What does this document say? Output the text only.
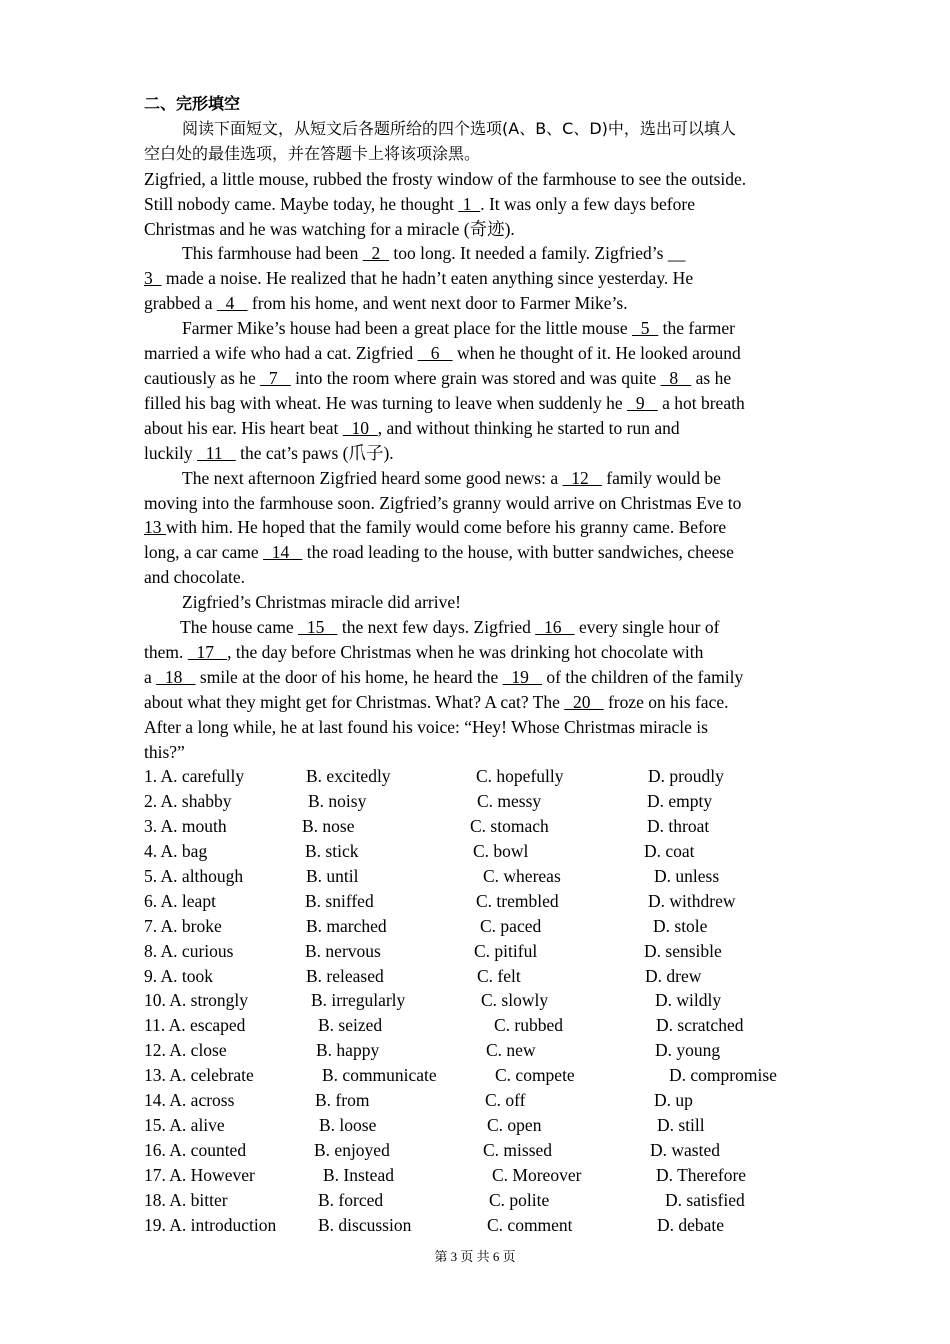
二、完形填空
阅读下面短文，从短文后各题所给的四个选项(A、B、C、D)中，选出可以填人
空白处的最佳选项，并在答题卡上将该项涂黑。
Zigfried, a little mouse, rubbed the frosty window of the farmhouse to see the outside.
Still nobody came. Maybe today, he thought  1  . It was only a few days before
Christmas and he was watching for a miracle (奇迹).
This farmhouse had been   2   too long. It needed a family. Zigfried’s __
3   made a noise. He realized that he hadn’t eaten anything since yesterday. He
grabbed a   4    from his home, and went next door to Farmer Mike’s.
Farmer Mike’s house had been a great place for the little mouse   5   the farmer
married a wife who had a cat. Zigfried    6    when he thought of it. He looked around
cautiously as he   7    into the room where grain was stored and was quite   8    as he
filled his bag with wheat. He was turning to leave when suddenly he   9    a hot breath
about his ear. His heart beat   10  , and without thinking he started to run and
luckily   11    the cat’s paws (爪子).
The next afternoon Zigfried heard some good news: a   12    family would be
moving into the farmhouse soon. Zigfried’s granny would arrive on Christmas Eve to
13 with him. He hoped that the family would come before his granny came. Before
long, a car came   14    the road leading to the house, with butter sandwiches, cheese
and chocolate.
Zigfried’s Christmas miracle did arrive!
The house came   15    the next few days. Zigfried   16    every single hour of
them.   17   , the day before Christmas when he was drinking hot chocolate with
a   18    smile at the door of his home, he heard the   19    of the children of the family
about what they might get for Christmas. What? A cat? The   20    froze on his face.
After a long while, he at last found his voice: “Hey! Whose Christmas miracle is
this?”
1. A. carefully	B. excitedly	C. hopefully	D. proudly
2. A. shabby	B. noisy	C. messy	D. empty
3. A. mouth	B. nose	C. stomach	D. throat
4. A. bag	B. stick	C. bowl	D. coat
5. A. although	B. until	C. whereas	D. unless
6. A. leapt	B. sniffed	C. trembled	D. withdrew
7. A. broke	B. marched	C. paced	D. stole
8. A. curious	B. nervous	C. pitiful	D. sensible
9. A. took	B. released	C. felt	D. drew
10. A. strongly	B. irregularly	C. slowly	D. wildly
11. A. escaped	B. seized	C. rubbed	D. scratched
12. A. close	B. happy	C. new	D. young
13. A. celebrate	B. communicate	C. compete	D. compromise
14. A. across	B. from	C. off	D. up
15. A. alive	B. loose	C. open	D. still
16. A. counted	B. enjoyed	C. missed	D. wasted
17. A. However	B. Instead	C. Moreover	D. Therefore
18. A. bitter	B. forced	C. polite	D. satisfied
19. A. introduction B. discussion	C. comment	D. debate
第 3 页 共 6 页
